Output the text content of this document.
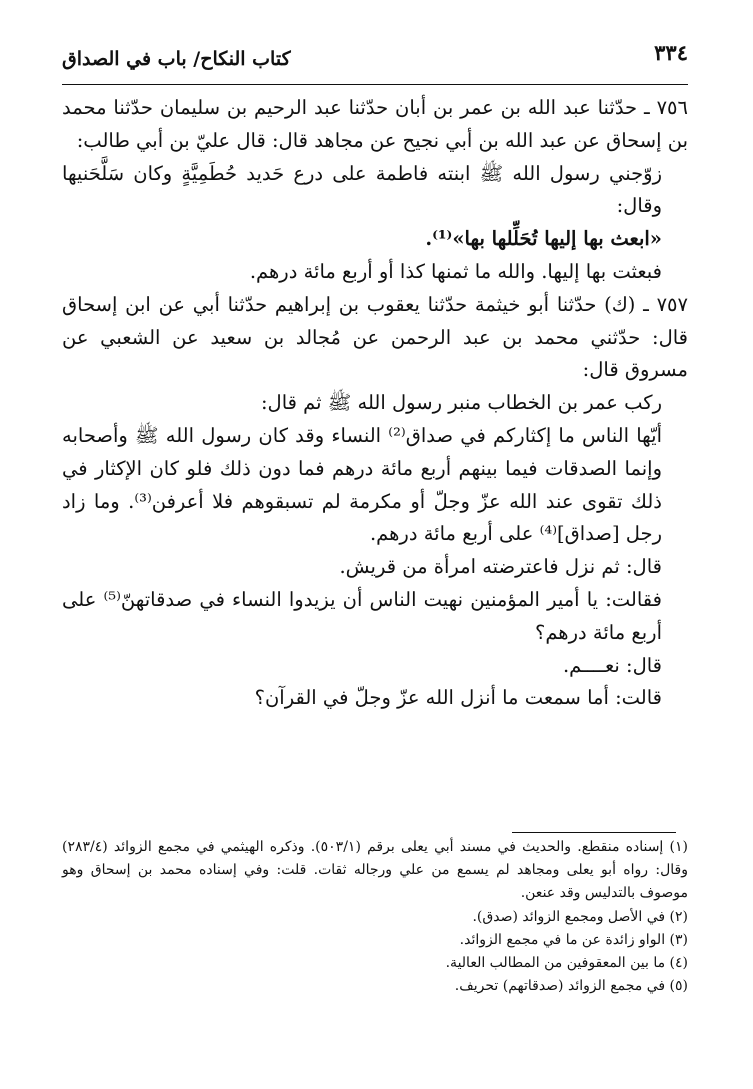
٣٣٤
كتاب النكاح/ باب في الصداق

٧٥٦ ـ حدّثنا عبد الله بن عمر بن أبان حدّثنا عبد الرحيم بن سليمان حدّثنا محمد بن إسحاق عن عبد الله بن أبي نجيح عن مجاهد قال: قال عليّ بن أبي طالب:

زوّجني رسول الله ﷺ ابنته فاطمة على درع حَديد حُطَمِيَّةٍ وكان سَلَّحَنيها وقال:

«ابعث بها إليها تُحَلِّلها بها»⁽¹⁾.

فبعثت بها إليها. والله ما ثمنها كذا أو أربع مائة درهم.

٧٥٧ ـ (ك) حدّثنا أبو خيثمة حدّثنا يعقوب بن إبراهيم حدّثنا أبي عن ابن إسحاق قال: حدّثني محمد بن عبد الرحمن عن مُجالد بن سعيد عن الشعبي عن مسروق قال:

ركب عمر بن الخطاب منبر رسول الله ﷺ ثم قال:

أيّها الناس ما إكثاركم في صداق⁽²⁾ النساء وقد كان رسول الله ﷺ وأصحابه وإنما الصدقات فيما بينهم أربع مائة درهم فما دون ذلك فلو كان الإكثار في ذلك تقوى عند الله عزّ وجلّ أو مكرمة لم تسبقوهم فلا أعرفن⁽³⁾. وما زاد رجل [صداق]⁽⁴⁾ على أربع مائة درهم.

قال: ثم نزل فاعترضته امرأة من قريش.

فقالت: يا أمير المؤمنين نهيت الناس أن يزيدوا النساء في صدقاتهنّ⁽⁵⁾ على أربع مائة درهم؟

قال: نعــــم.

قالت: أما سمعت ما أنزل الله عزّ وجلّ في القرآن؟

(١) إسناده منقطع. والحديث في مسند أبي يعلى برقم (٥٠٣/١). وذكره الهيثمي في مجمع الزوائد (٢٨٣/٤) وقال: رواه أبو يعلى ومجاهد لم يسمع من علي ورجاله ثقات. قلت: وفي إسناده محمد بن إسحاق وهو موصوف بالتدليس وقد عنعن.

(٢) في الأصل ومجمع الزوائد (صدق).

(٣) الواو زائدة عن ما في مجمع الزوائد.

(٤) ما بين المعقوفين من المطالب العالية.

(٥) في مجمع الزوائد (صدقاتهم) تحريف.
